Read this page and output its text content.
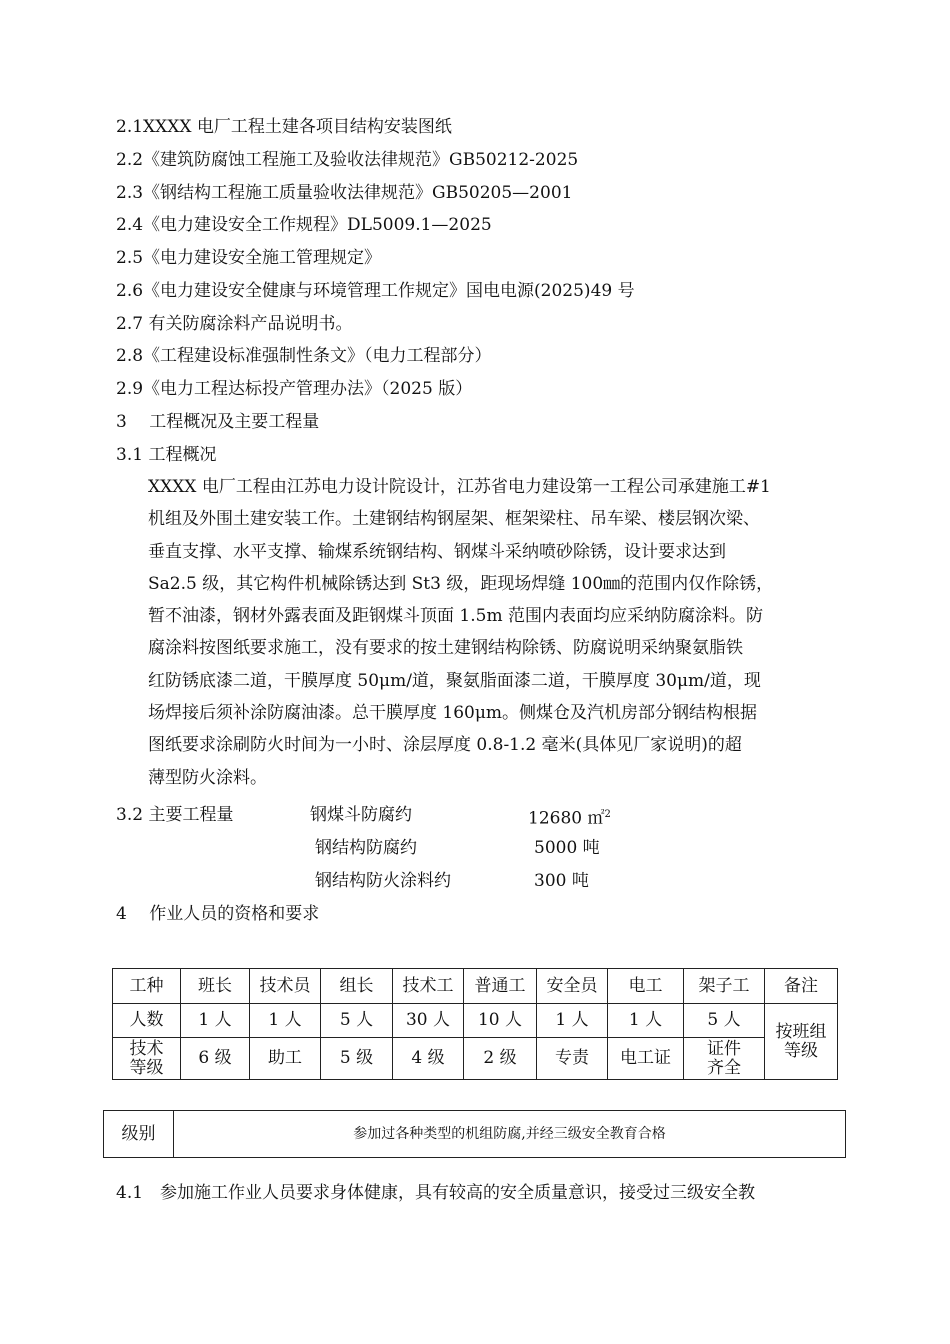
2.1XXXX 电厂工程土建各项目结构安装图纸
2.2《建筑防腐蚀工程施工及验收法律规范》GB50212-2025
2.3《钢结构工程施工质量验收法律规范》GB50205—2001
2.4《电力建设安全工作规程》DL5009.1—2025
2.5《电力建设安全施工管理规定》
2.6《电力建设安全健康与环境管理工作规定》国电电源(2025)49 号
2.7 有关防腐涂料产品说明书。
2.8《工程建设标准强制性条文》（电力工程部分）
2.9《电力工程达标投产管理办法》（2025 版）
3　 工程概况及主要工程量
3.1 工程概况
XXXX 电厂工程由江苏电力设计院设计，江苏省电力建设第一工程公司承建施工#1
机组及外围土建安装工作。土建钢结构钢屋架、框架梁柱、吊车梁、楼层钢次梁、
垂直支撑、水平支撑、输煤系统钢结构、钢煤斗采纳喷砂除锈，设计要求达到
Sa2.5 级，其它构件机械除锈达到 St3 级，距现场焊缝 100㎜的范围内仅作除锈，
暂不油漆，钢材外露表面及距钢煤斗顶面 1.5m 范围内表面均应采纳防腐涂料。防
腐涂料按图纸要求施工，没有要求的按土建钢结构除锈、防腐说明采纳聚氨脂铁
红防锈底漆二道，干膜厚度 50μm/道，聚氨脂面漆二道，干膜厚度 30μm/道，现
场焊接后须补涂防腐油漆。总干膜厚度 160μm。侧煤仓及汽机房部分钢结构根据
图纸要求涂刷防火时间为一小时、涂层厚度 0.8-1.2 毫米(具体见厂家说明)的超
薄型防火涂料。
3.2 主要工程量	钢煤斗防腐约	12680 ㎡$^2$
钢结构防腐约	5000 吨
钢结构防火涂料约	300 吨
4　 作业人员的资格和要求
工种	班长	技术员	组长	技术工	普通工	安全员	电工	架子工	备注
人数	1 人	1 人	5 人	30 人	10 人	1 人	1 人	5 人	按班组等级
技术等级	6 级	助工	5 级	4 级	2 级	专责	电工证	证件齐全	
级别	参加过各种类型的机组防腐,并经三级安全教育合格
4.1　参加施工作业人员要求身体健康，具有较高的安全质量意识，接受过三级安全教
